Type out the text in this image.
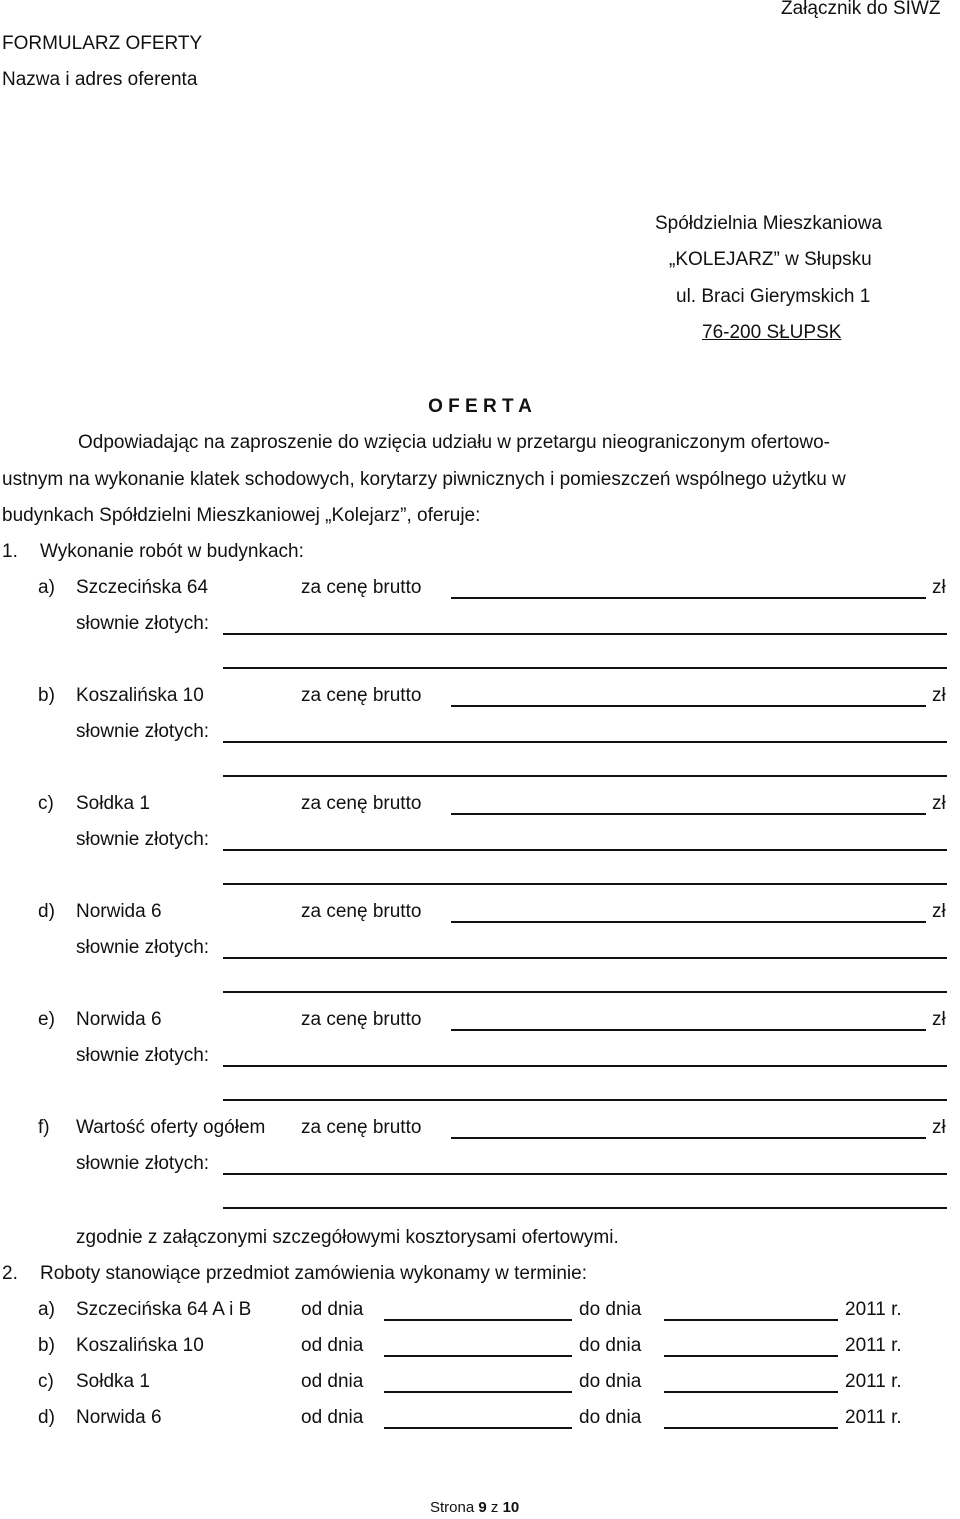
Załącznik do SIWZ
FORMULARZ OFERTY
Nazwa i adres oferenta
Spółdzielnia Mieszkaniowa
„KOLEJARZ” w Słupsku
ul. Braci Gierymskich 1
76-200 SŁUPSK
O F E R T A
Odpowiadając na zaproszenie do wzięcia udziału w przetargu nieograniczonym ofertowo-
ustnym na wykonanie klatek schodowych, korytarzy piwnicznych i pomieszczeń wspólnego użytku w
budynkach Spółdzielni Mieszkaniowej „Kolejarz”, oferuje:
1. Wykonanie robót w budynkach:
a) Szczecińska 64	za cenę brutto	zł
słownie złotych:
b) Koszalińska 10	za cenę brutto	zł
słownie złotych:
c) Sołdka 1	za cenę brutto	zł
słownie złotych:
d) Norwida 6	za cenę brutto	zł
słownie złotych:
e) Norwida 6	za cenę brutto	zł
słownie złotych:
f) Wartość oferty ogółem za cenę brutto	zł
słownie złotych:
zgodnie z załączonymi szczegółowymi kosztorysami ofertowymi.
2. Roboty stanowiące przedmiot zamówienia wykonamy w terminie:
a) Szczecińska 64 A i B	od dnia	do dnia	2011 r.
b) Koszalińska 10	od dnia	do dnia	2011 r.
c) Sołdka 1	od dnia	do dnia	2011 r.
d) Norwida 6	od dnia	do dnia	2011 r.
Strona 9 z 10
